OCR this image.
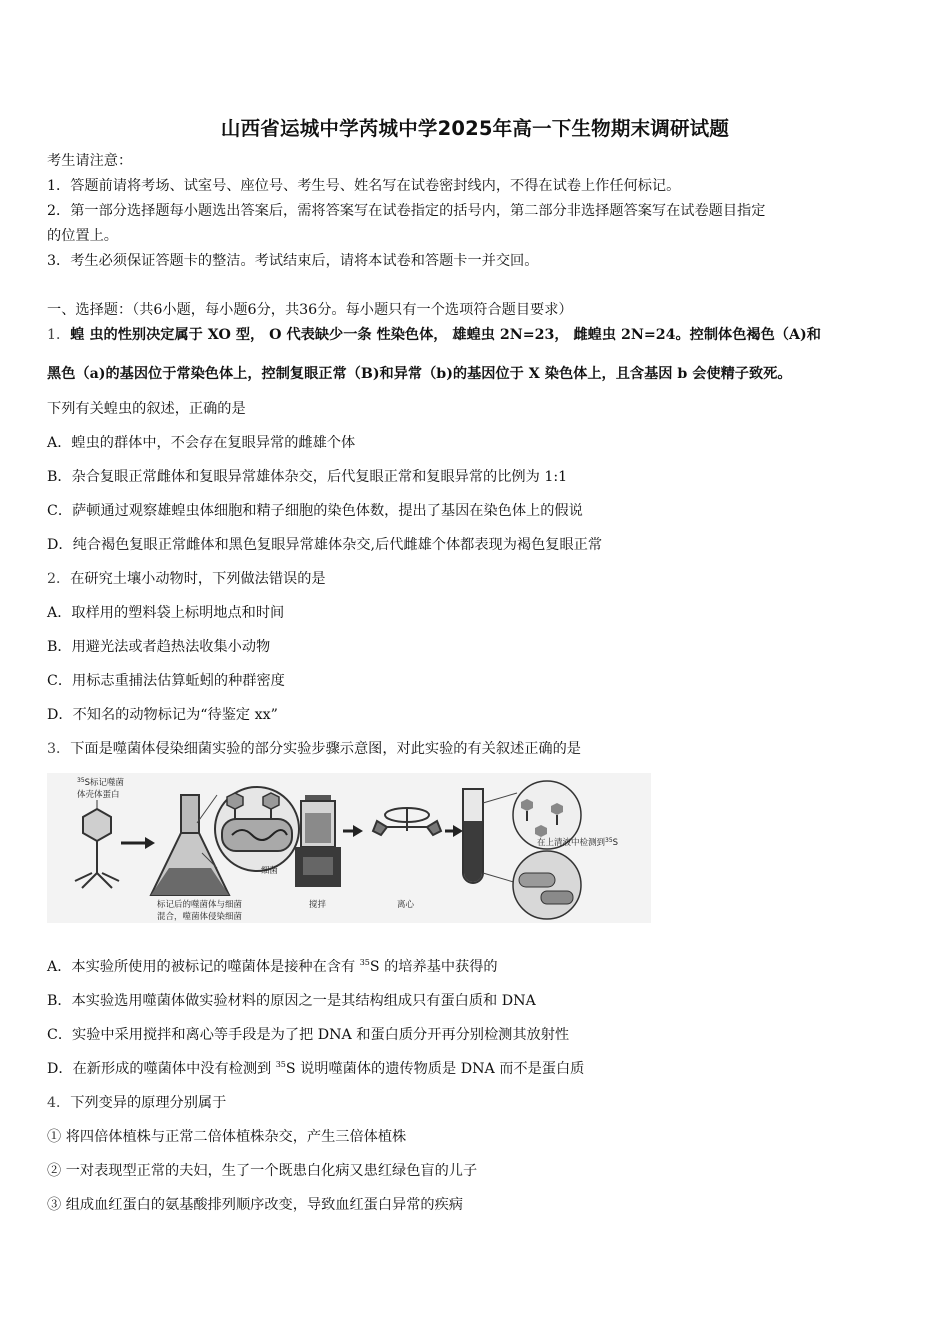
山西省运城中学芮城中学2025年高一下生物期末调研试题
考生请注意：
1．答题前请将考场、试室号、座位号、考生号、姓名写在试卷密封线内，不得在试卷上作任何标记。
2．第一部分选择题每小题选出答案后，需将答案写在试卷指定的括号内，第二部分非选择题答案写在试卷题目指定
的位置上。
3．考生必须保证答题卡的整洁。考试结束后，请将本试卷和答题卡一并交回。
一、选择题：（共6小题，每小题6分，共36分。每小题只有一个选项符合题目要求）
1．蝗 虫的性别决定属于 XO 型， O 代表缺少一条 性染色体， 雄蝗虫 2N=23， 雌蝗虫 2N=24。控制体色褐色（A)和
黑色（a)的基因位于常染色体上，控制复眼正常（B)和异常（b)的基因位于 X 染色体上，且含基因 b 会使精子致死。
下列有关蝗虫的叙述，正确的是
A．蝗虫的群体中，不会存在复眼异常的雌雄个体
B．杂合复眼正常雌体和复眼异常雄体杂交，后代复眼正常和复眼异常的比例为 1:1
C．萨顿通过观察雄蝗虫体细胞和精子细胞的染色体数，提出了基因在染色体上的假说
D．纯合褐色复眼正常雌体和黑色复眼异常雄体杂交,后代雌雄个体都表现为褐色复眼正常
2．在研究土壤小动物时，下列做法错误的是
A．取样用的塑料袋上标明地点和时间
B．用避光法或者趋热法收集小动物
C．用标志重捕法估算蚯蚓的种群密度
D．不知名的动物标记为“待鉴定 xx”
3．下面是噬菌体侵染细菌实验的部分实验步骤示意图，对此实验的有关叙述正确的是
$^{35}$S标记噬菌
体壳体蛋白
细菌
标记后的噬菌体与细菌
混合，噬菌体侵染细菌
搅拌	离心
在上清液中检测到$^{35}$S
A．本实验所使用的被标记的噬菌体是接种在含有 $^{35}$S 的培养基中获得的
B．本实验选用噬菌体做实验材料的原因之一是其结构组成只有蛋白质和 DNA
C．实验中采用搅拌和离心等手段是为了把 DNA 和蛋白质分开再分别检测其放射性
D．在新形成的噬菌体中没有检测到 $^{35}$S 说明噬菌体的遗传物质是 DNA 而不是蛋白质
4．下列变异的原理分别属于
① 将四倍体植株与正常二倍体植株杂交，产生三倍体植株
② 一对表现型正常的夫妇，生了一个既患白化病又患红绿色盲的儿子
③ 组成血红蛋白的氨基酸排列顺序改变，导致血红蛋白异常的疾病
